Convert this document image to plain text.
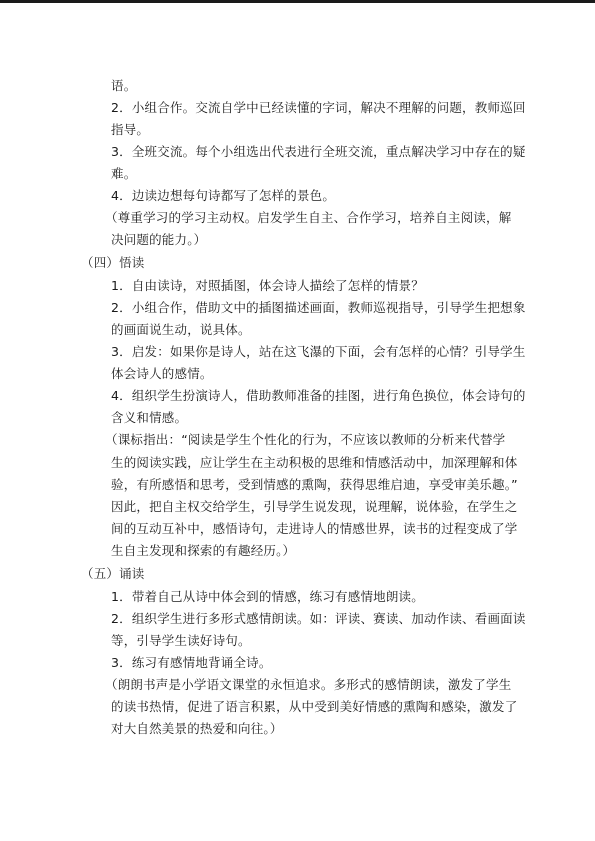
语。
2．小组合作。交流自学中已经读懂的字词，解决不理解的问题，教师巡回
指导。
3．全班交流。每个小组选出代表进行全班交流，重点解决学习中存在的疑
难。
4．边读边想每句诗都写了怎样的景色。
（尊重学习的学习主动权。启发学生自主、合作学习，培养自主阅读，解
决问题的能力。）
（四）悟读
1．自由读诗，对照插图，体会诗人描绘了怎样的情景？
2．小组合作，借助文中的插图描述画面，教师巡视指导，引导学生把想象
的画面说生动，说具体。
3．启发：如果你是诗人，站在这飞瀑的下面，会有怎样的心情？引导学生
体会诗人的感情。
4．组织学生扮演诗人，借助教师准备的挂图，进行角色换位，体会诗句的
含义和情感。
（课标指出：“阅读是学生个性化的行为，不应该以教师的分析来代替学
生的阅读实践，应让学生在主动积极的思维和情感活动中，加深理解和体
验，有所感悟和思考，受到情感的熏陶，获得思维启迪，享受审美乐趣。”
因此，把自主权交给学生，引导学生说发现，说理解，说体验，在学生之
间的互动互补中，感悟诗句，走进诗人的情感世界，读书的过程变成了学
生自主发现和探索的有趣经历。）
（五）诵读
1．带着自己从诗中体会到的情感，练习有感情地朗读。
2．组织学生进行多形式感情朗读。如：评读、赛读、加动作读、看画面读
等，引导学生读好诗句。
3．练习有感情地背诵全诗。
（朗朗书声是小学语文课堂的永恒追求。多形式的感情朗读，激发了学生
的读书热情，促进了语言积累，从中受到美好情感的熏陶和感染，激发了
对大自然美景的热爱和向往。）
